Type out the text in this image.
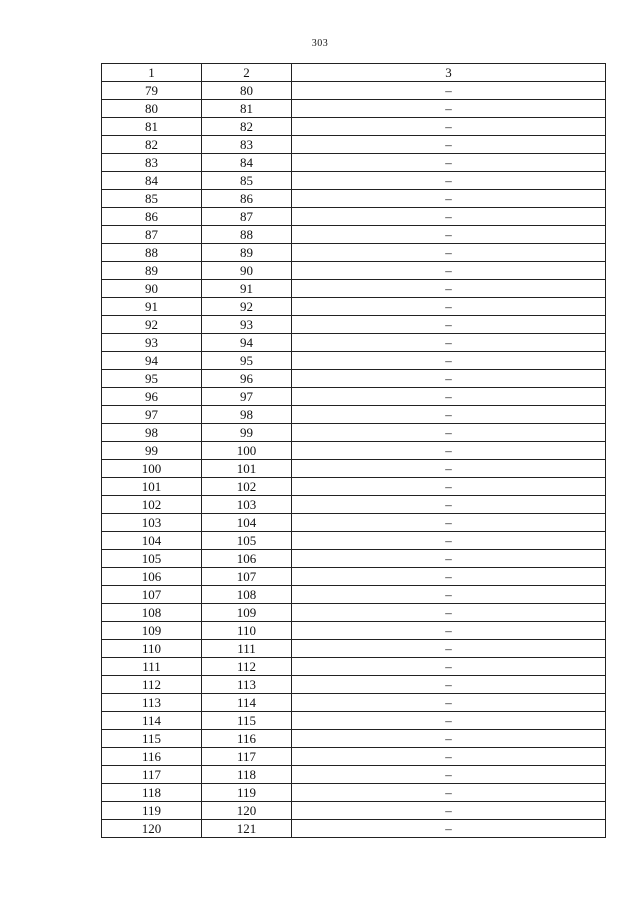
303
1	2	3
79	80	–
80	81	–
81	82	–
82	83	–
83	84	–
84	85	–
85	86	–
86	87	–
87	88	–
88	89	–
89	90	–
90	91	–
91	92	–
92	93	–
93	94	–
94	95	–
95	96	–
96	97	–
97	98	–
98	99	–
99	100	–
100	101	–
101	102	–
102	103	–
103	104	–
104	105	–
105	106	–
106	107	–
107	108	–
108	109	–
109	110	–
110	111	–
111	112	–
112	113	–
113	114	–
114	115	–
115	116	–
116	117	–
117	118	–
118	119	–
119	120	–
120	121	–
